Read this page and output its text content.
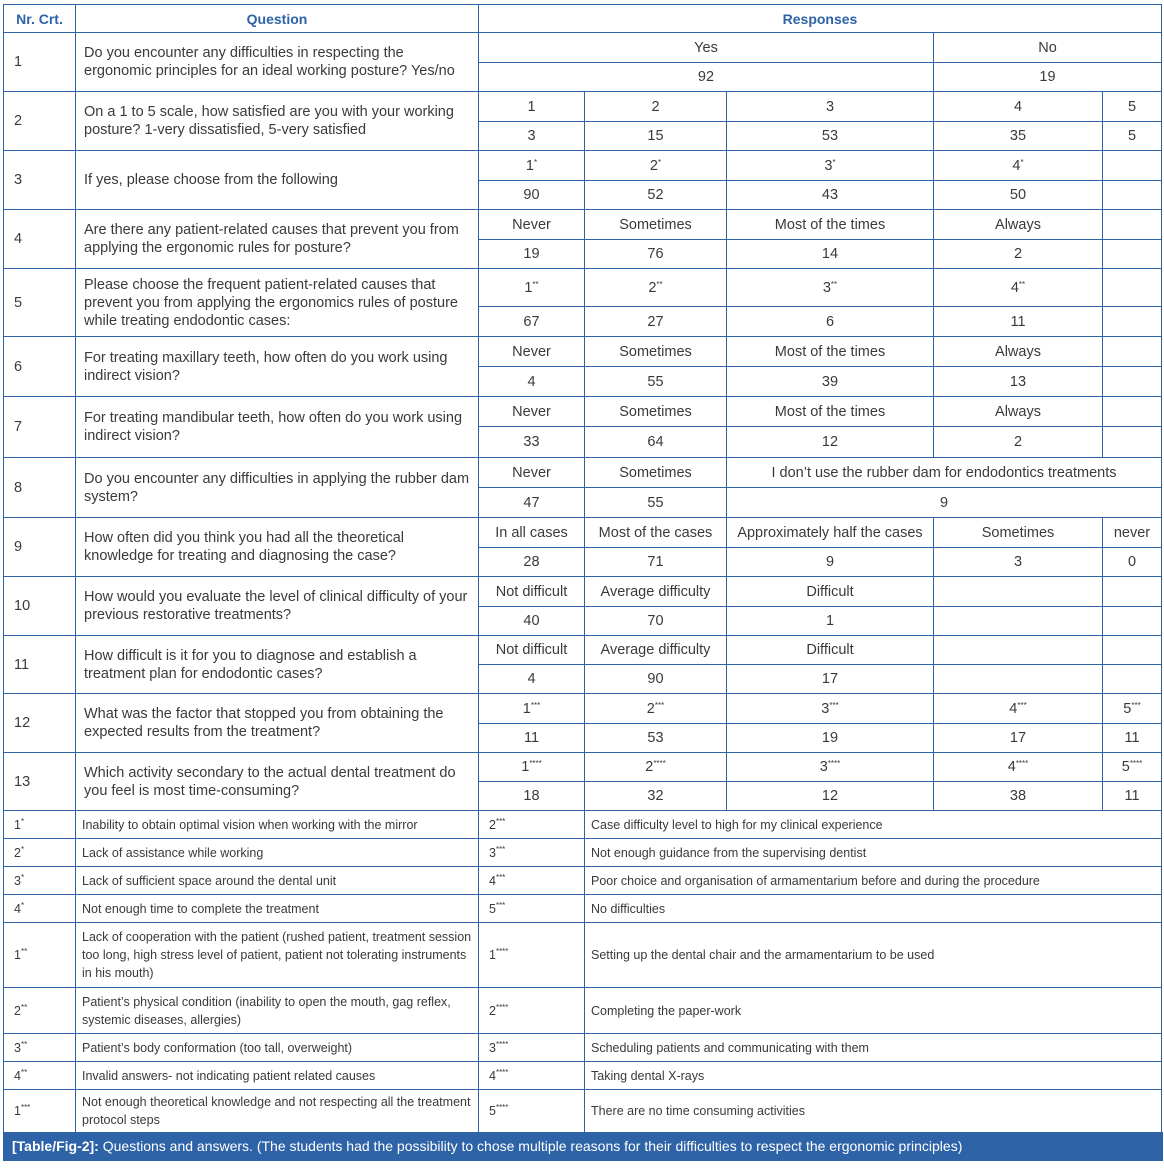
Nr. Crt.	Question	Responses				
1	Do you encounter any difficulties in respecting the ergonomic principles for an ideal working posture? Yes/no	Yes			No	
		92			19	
2	On a 1 to 5 scale, how satisfied are you with your working posture? 1-very dissatisfied, 5-very satisfied	1	2	3	4	5
		3	15	53	35	5
3	If yes, please choose from the following	1*	2*	3*	4*	
		90	52	43	50	
4	Are there any patient-related causes that prevent you from applying the ergonomic rules for posture?	Never	Sometimes	Most of the times	Always	
		19	76	14	2	
5	Please choose the frequent patient-related causes that prevent you from applying the ergonomics rules of posture while treating endodontic cases:	1**	2**	3**	4**	
		67	27	6	11	
6	For treating maxillary teeth, how often do you work using indirect vision?	Never	Sometimes	Most of the times	Always	
		4	55	39	13	
7	For treating mandibular teeth, how often do you work using indirect vision?	Never	Sometimes	Most of the times	Always	
		33	64	12	2	
8	Do you encounter any difficulties in applying the rubber dam system?	Never	Sometimes	I don’t use the rubber dam for endodontics treatments		
		47	55	9		
9	How often did you think you had all the theoretical knowledge for treating and diagnosing the case?	In all cases	Most of the cases	Approximately half the cases	Sometimes	never
		28	71	9	3	0
10	How would you evaluate the level of clinical difficulty of your previous restorative treatments?	Not difficult	Average difficulty	Difficult		
		40	70	1		
11	How difficult is it for you to diagnose and establish a treatment plan for endodontic cases?	Not difficult	Average difficulty	Difficult		
		4	90	17		
12	What was the factor that stopped you from obtaining the expected results from the treatment?	1***	2***	3***	4***	5***
		11	53	19	17	11
13	Which activity secondary to the actual dental treatment do you feel is most time-consuming?	1****	2****	3****	4****	5****
		18	32	12	38	11
1*	Inability to obtain optimal vision when working with the mirror	2***	Case difficulty level to high for my clinical experience
2*	Lack of assistance while working	3***	Not enough guidance from the supervising dentist
3*	Lack of sufficient space around the dental unit	4***	Poor choice and organisation of armamentarium before and during the procedure
4*	Not enough time to complete the treatment	5***	No difficulties
1**	Lack of cooperation with the patient (rushed patient, treatment session too long, high stress level of patient, patient not tolerating instruments in his mouth)	1****	Setting up the dental chair and the armamentarium to be used
2**	Patient’s physical condition (inability to open the mouth, gag reflex, systemic diseases, allergies)	2****	Completing the paper-work
3**	Patient’s body conformation (too tall, overweight)	3****	Scheduling patients and communicating with them
4**	Invalid answers- not indicating patient related causes	4****	Taking dental X-rays
1***	Not enough theoretical knowledge and not respecting all the treatment protocol steps	5****	There are no time consuming activities
[Table/Fig-2]: Questions and answers. (The students had the possibility to chose multiple reasons for their difficulties to respect the ergonomic principles)
